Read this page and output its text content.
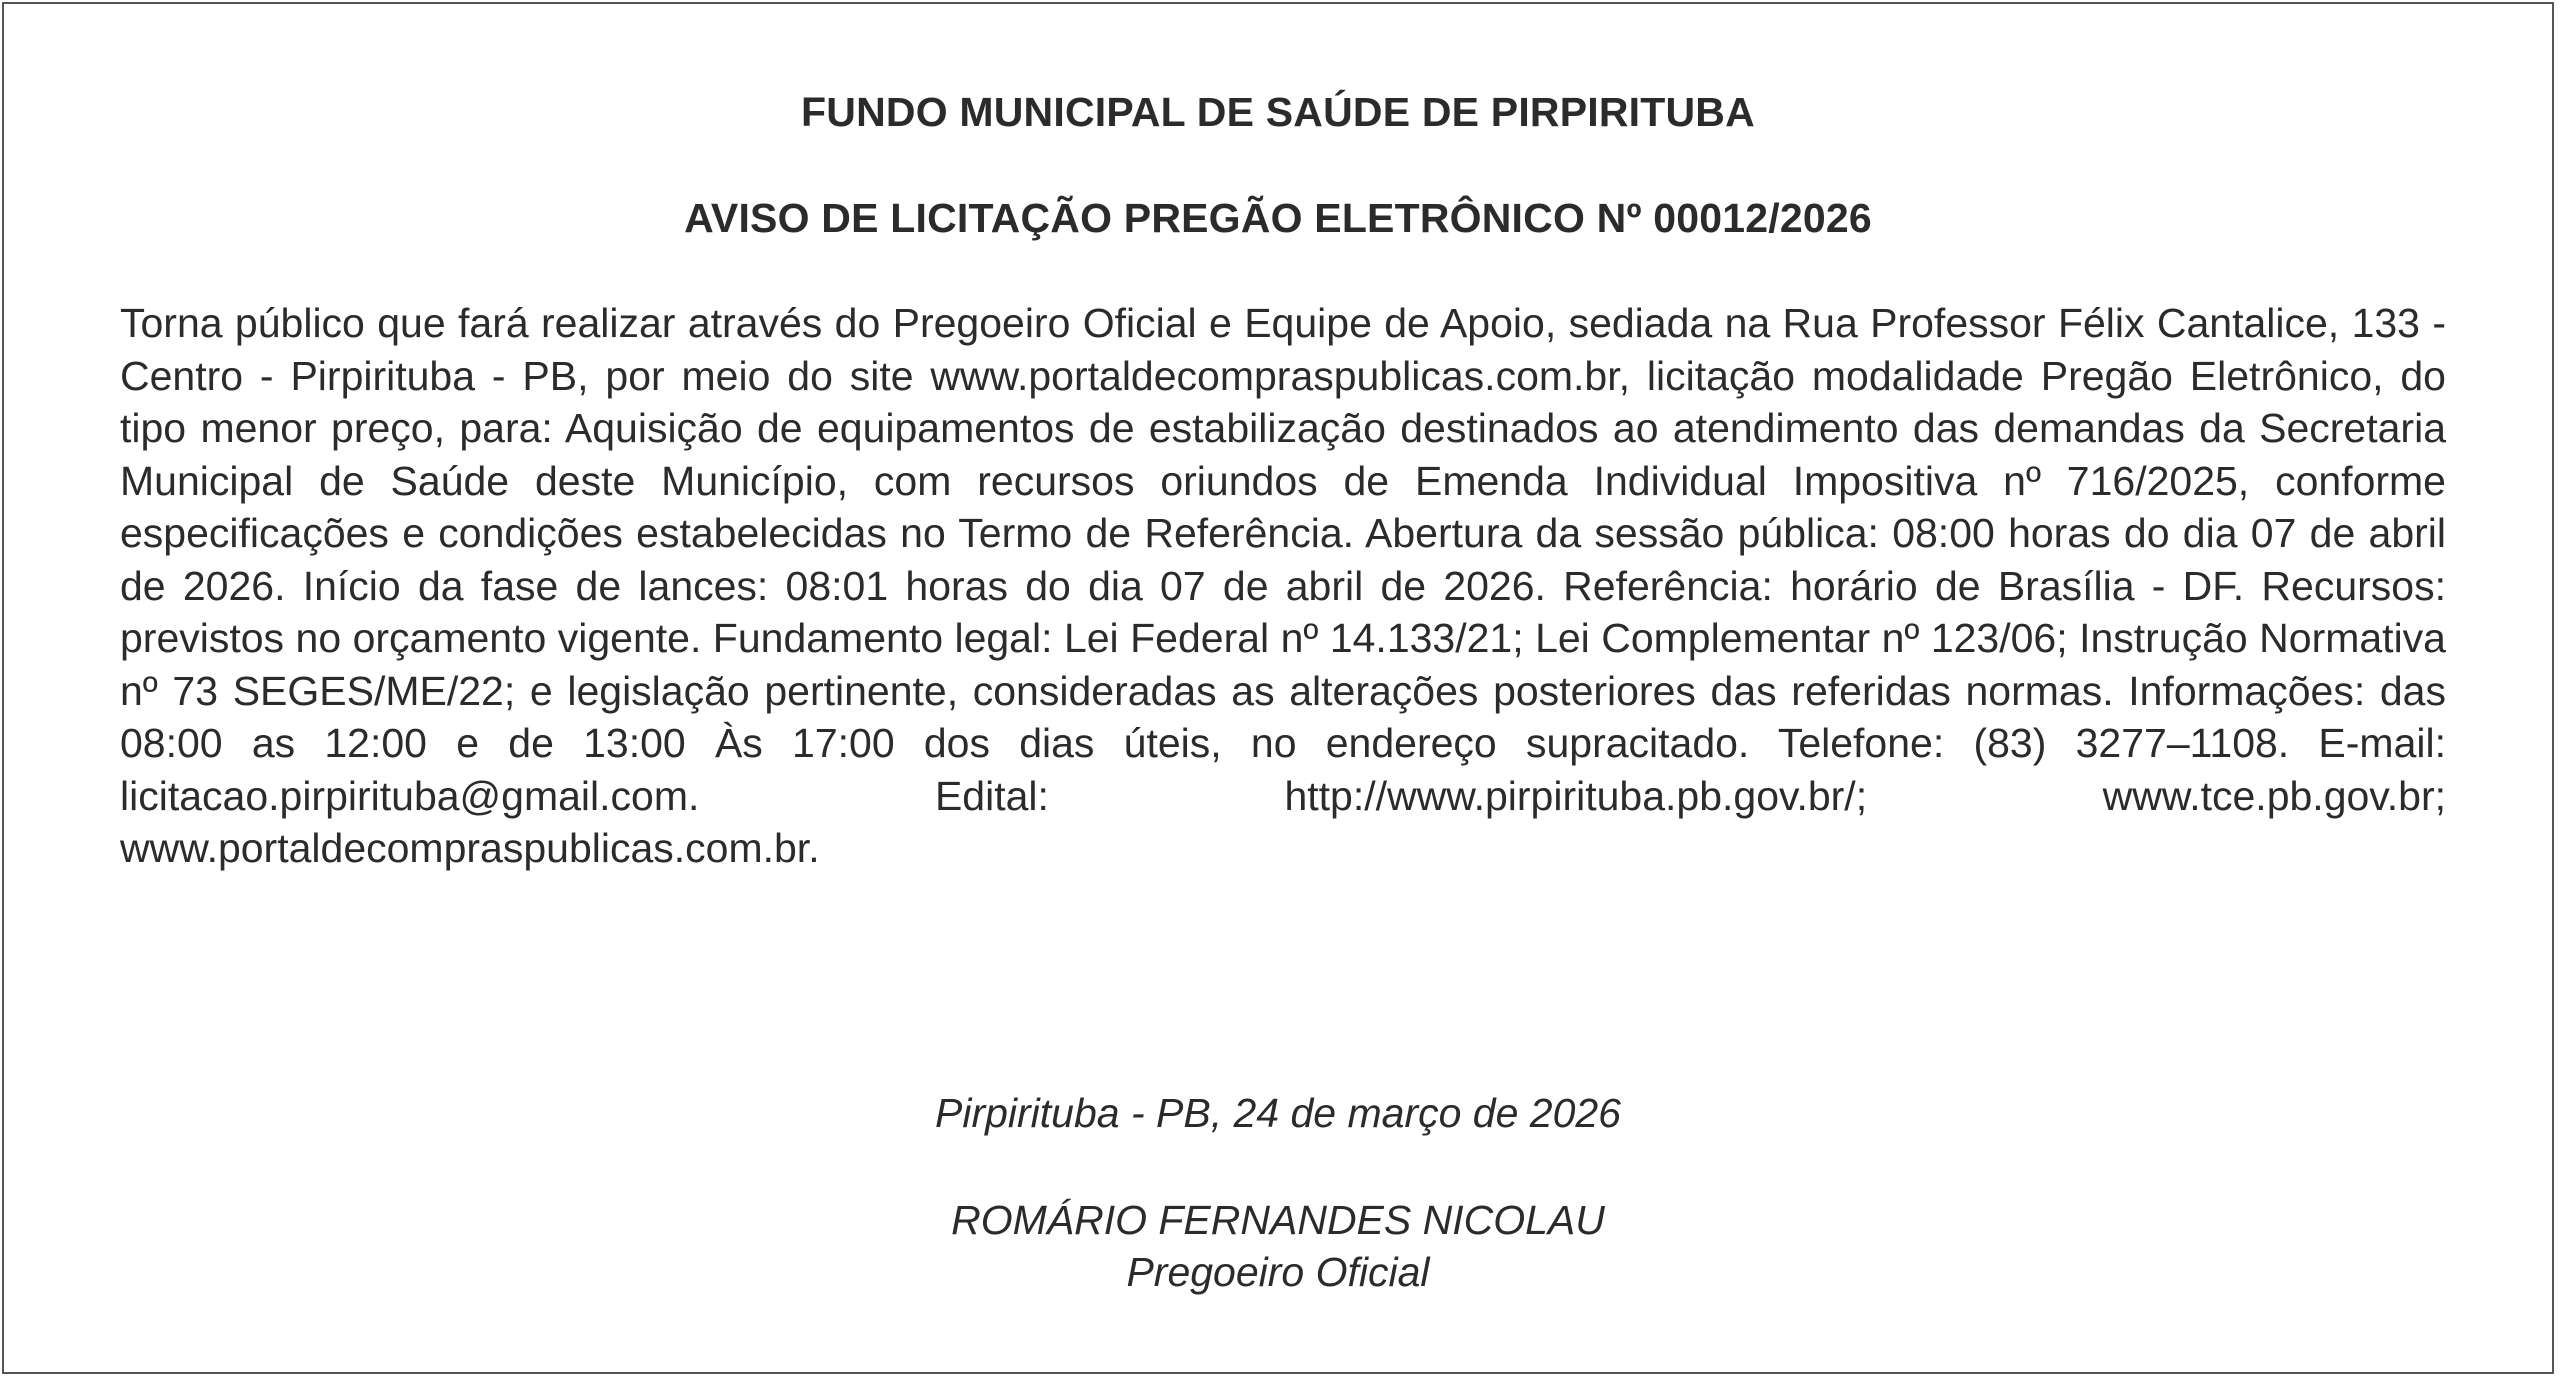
FUNDO MUNICIPAL DE SAÚDE DE PIRPIRITUBA
AVISO DE LICITAÇÃO PREGÃO ELETRÔNICO Nº 00012/2026

Torna público que fará realizar através do Pregoeiro Oficial e Equipe de Apoio, sediada na Rua Professor Félix Cantalice, 133 - Centro - Pirpirituba - PB, por meio do site www.portaldecompraspublicas.com.br, licitação modalidade Pregão Eletrônico, do tipo menor preço, para: Aquisição de equipamentos de estabilização destinados ao atendimento das demandas da Secretaria Municipal de Saúde deste Município, com recursos oriundos de Emenda Individual Impositiva nº 716/2025, conforme especificações e condições estabelecidas no Termo de Referência. Abertura da sessão pública: 08:00 horas do dia 07 de abril de 2026. Início da fase de lances: 08:01 horas do dia 07 de abril de 2026. Referência: horário de Brasília - DF. Recursos: previstos no orçamento vigente. Fundamento legal: Lei Federal nº 14.133/21; Lei Complementar nº 123/06; Instrução Normativa nº 73 SEGES/ME/22; e legislação pertinente, consideradas as alterações posteriores das referidas normas. Informações: das 08:00 as 12:00 e de 13:00 Às 17:00 dos dias úteis, no endereço supracitado. Telefone: (83) 3277–1108. E-mail: licitacao.pirpirituba@gmail.com. Edital: http://www.pirpirituba.pb.gov.br/; www.tce.pb.gov.br; www.portaldecompraspublicas.com.br.

Pirpirituba - PB, 24 de março de 2026
ROMÁRIO FERNANDES NICOLAU
Pregoeiro Oficial
